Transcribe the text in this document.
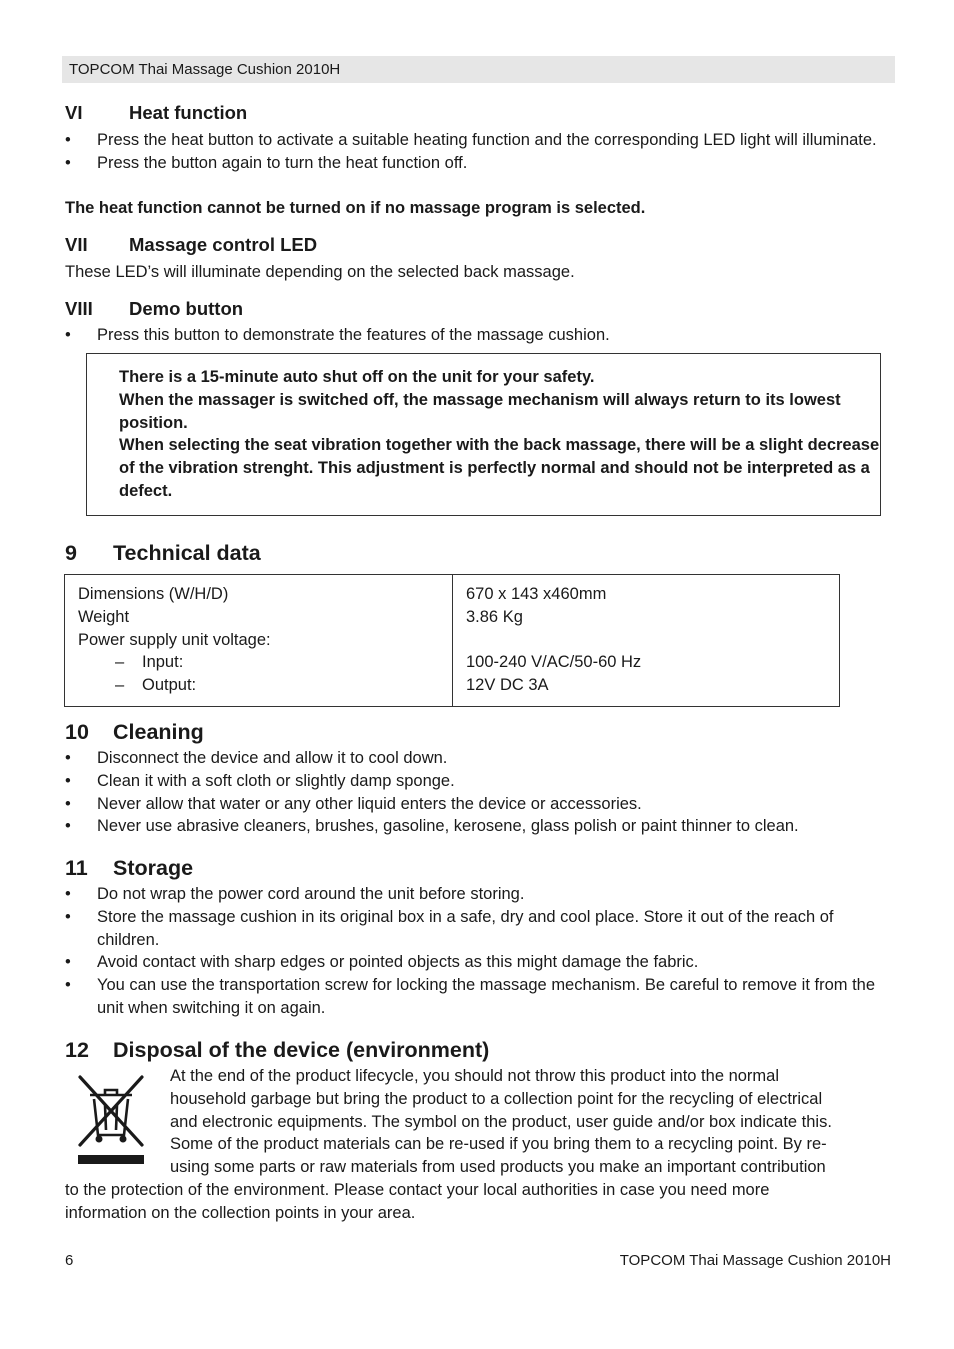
TOPCOM Thai Massage Cushion 2010H
VI	Heat function
• Press the heat button to activate a suitable heating function and the corresponding LED light will illuminate.
• Press the button again to turn the heat function off.
The heat function cannot be turned on if no massage program is selected.
VII Massage control LED
These LED’s will illuminate depending on the selected back massage.
VIII Demo button
• Press this button to demonstrate the features of the massage cushion.

There is a 15-minute auto shut off on the unit for your safety.

When the massager is switched off, the massage mechanism will always return to its lowest position.

When selecting the seat vibration together with the back massage, there will be a slight decrease of the vibration strenght. This adjustment is perfectly normal and should not be interpreted as a defect.

9 Technical data
Dimensions (W/H/D)
Weight
Power supply unit voltage:
– Input:
– Output:
670 x 143 x460mm
3.86 Kg
100-240 V/AC/50-60 Hz
12V DC 3A
10 Cleaning
• Disconnect the device and allow it to cool down.
• Clean it with a soft cloth or slightly damp sponge.
• Never allow that water or any other liquid enters the device or accessories.
• Never use abrasive cleaners, brushes, gasoline, kerosene, glass polish or paint thinner to clean.
11 Storage
• Do not wrap the power cord around the unit before storing.
• Store the massage cushion in its original box in a safe, dry and cool place. Store it out of the reach of children.
• Avoid contact with sharp edges or pointed objects as this might damage the fabric.
• You can use the transportation screw for locking the massage mechanism. Be careful to remove it from the unit when switching it on again.
12 Disposal of the device (environment)
At the end of the product lifecycle, you should not throw this product into the normal
household garbage but bring the product to a collection point for the recycling of electrical
and electronic equipments. The symbol on the product, user guide and/or box indicate this.
Some of the product materials can be re-used if you bring them to a recycling point. By re-
using some parts or raw materials from used products you make an important contribution
to the protection of the environment. Please contact your local authorities in case you need more
information on the collection points in your area.
6	TOPCOM Thai Massage Cushion 2010H
